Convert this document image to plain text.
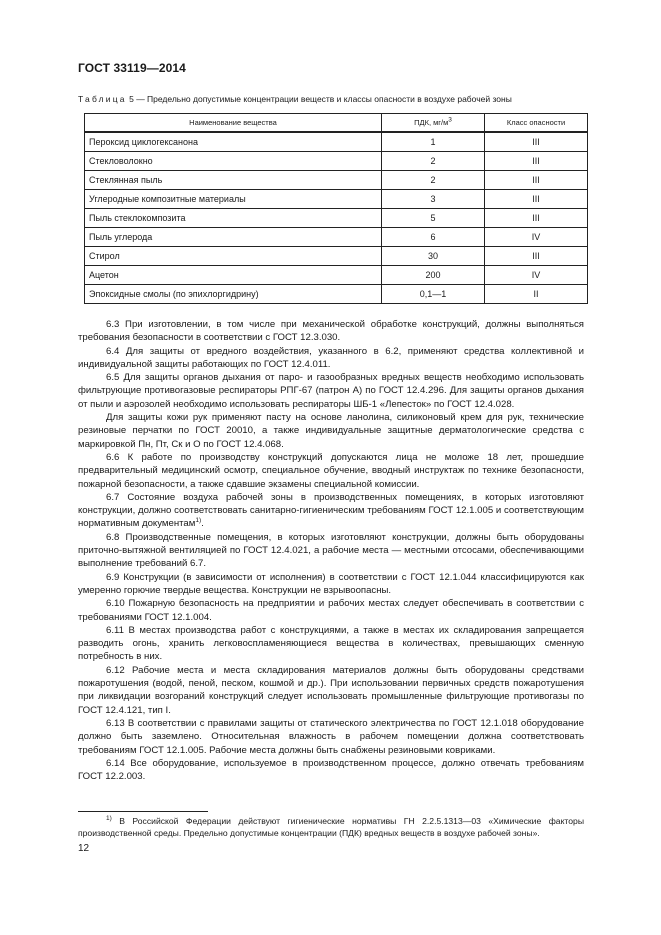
ГОСТ 33119—2014
Таблица 5 — Предельно допустимые концентрации веществ и классы опасности в воздухе рабочей зоны
Наименование вещества	ПДК, $мг/м^3$	Класс опасности
Пероксид циклогексанона	1	III
Стекловолокно	2	III
Стеклянная пыль	2	III
Углеродные композитные материалы	3	III
Пыль стеклокомпозита	5	III
Пыль углерода	6	IV
Стирол	30	III
Ацетон	200	IV
Эпоксидные смолы (по эпихлоргидрину)	0,1—1	II

6.3 При изготовлении, в том числе при механической обработке конструкций, должны выполняться требования безопасности в соответствии с ГОСТ 12.3.030.

6.4 Для защиты от вредного воздействия, указанного в 6.2, применяют средства коллективной и индивидуальной защиты работающих по ГОСТ 12.4.011.

6.5 Для защиты органов дыхания от паро- и газообразных вредных веществ необходимо использовать фильтрующие противогазовые респираторы РПГ-67 (патрон А) по ГОСТ 12.4.296. Для защиты органов дыхания от пыли и аэрозолей необходимо использовать респираторы ШБ-1 «Лепесток» по ГОСТ 12.4.028.

Для защиты кожи рук применяют пасту на основе ланолина, силиконовый крем для рук, технические резиновые перчатки по ГОСТ 20010, а также индивидуальные защитные дерматологические средства с маркировкой Пн, Пт, Ск и О по ГОСТ 12.4.068.

6.6 К работе по производству конструкций допускаются лица не моложе 18 лет, прошедшие предварительный медицинский осмотр, специальное обучение, вводный инструктаж по технике безопасности, пожарной безопасности, а также сдавшие экзамены специальной комиссии.

6.7 Состояние воздуха рабочей зоны в производственных помещениях, в которых изготовляют конструкции, должно соответствовать санитарно-гигиеническим требованиям ГОСТ 12.1.005 и соответствующим нормативным документам$^{1)}$.

6.8 Производственные помещения, в которых изготовляют конструкции, должны быть оборудованы приточно-вытяжной вентиляцией по ГОСТ 12.4.021, а рабочие места — местными отсосами, обеспечивающими выполнение требований 6.7.

6.9 Конструкции (в зависимости от исполнения) в соответствии с ГОСТ 12.1.044 классифицируются как умеренно горючие твердые вещества. Конструкции не взрывоопасны.

6.10 Пожарную безопасность на предприятии и рабочих местах следует обеспечивать в соответствии с требованиями ГОСТ 12.1.004.

6.11 В местах производства работ с конструкциями, а также в местах их складирования запрещается разводить огонь, хранить легковоспламеняющиеся вещества в количествах, превышающих сменную потребность в них.

6.12 Рабочие места и места складирования материалов должны быть оборудованы средствами пожаротушения (водой, пеной, песком, кошмой и др.). При использовании первичных средств пожаротушения при ликвидации возгораний конструкций следует использовать промышленные фильтрующие противогазы по ГОСТ 12.4.121, тип I.

6.13 В соответствии с правилами защиты от статического электричества по ГОСТ 12.1.018 оборудование должно быть заземлено. Относительная влажность в рабочем помещении должна соответствовать требованиям ГОСТ 12.1.005. Рабочие места должны быть снабжены резиновыми ковриками.

6.14 Все оборудование, используемое в производственном процессе, должно отвечать требованиям ГОСТ 12.2.003.

$^{1)}$ В Российской Федерации действуют гигиенические нормативы ГН 2.2.5.1313—03 «Химические факторы производственной среды. Предельно допустимые концентрации (ПДК) вредных веществ в воздухе рабочей зоны».

12
